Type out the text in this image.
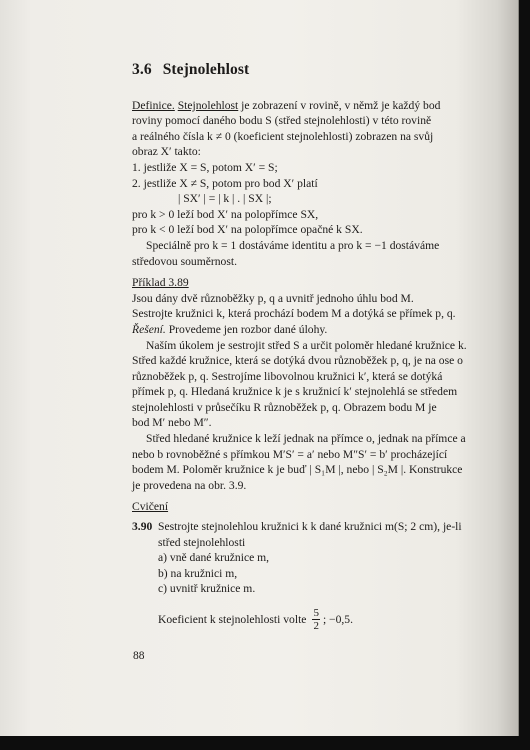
3.6 Stejnolehlost

Definice. Stejnolehlost je zobrazení v rovině, v němž je každý bod

roviny pomocí daného bodu S (střed stejnolehlosti) v této rovině

a reálného čísla k ≠ 0 (koeficient stejnolehlosti) zobrazen na svůj

obraz X′ takto:

1. jestliže X = S, potom X′ = S;

2. jestliže X ≠ S, potom pro bod X′ platí

| SX′ | = | k | . | SX |;

pro k > 0 leží bod X′ na polopřímce SX,

pro k < 0 leží bod X′ na polopřímce opačné k SX.

Speciálně pro k = 1 dostáváme identitu a pro k = −1 dostáváme

středovou souměrnost.

Příklad 3.89

Jsou dány dvě různoběžky p, q a uvnitř jednoho úhlu bod M.

Sestrojte kružnici k, která prochází bodem M a dotýká se přímek p, q.

Řešení. Provedeme jen rozbor dané úlohy.

Naším úkolem je sestrojit střed S a určit poloměr hledané kružnice k.

Střed každé kružnice, která se dotýká dvou různoběžek p, q, je na ose o

různoběžek p, q. Sestrojíme libovolnou kružnici k′, která se dotýká

přímek p, q. Hledaná kružnice k je s kružnicí k′ stejnolehlá se středem

stejnolehlosti v průsečíku R různoběžek p, q. Obrazem bodu M je

bod M′ nebo M″.

Střed hledané kružnice k leží jednak na přímce o, jednak na přímce a

nebo b rovnoběžné s přímkou M′S′ = a′ nebo M″S′ = b′ procházející

bodem M. Poloměr kružnice k je buď | S₁M |, nebo | S₂M |. Konstrukce

je provedena na obr. 3.9.

Cvičení

3.90 Sestrojte stejnolehlou kružnici k k dané kružnici m(S; 2 cm), je-li

střed stejnolehlosti

a) vně dané kružnice m,

b) na kružnici m,

c) uvnitř kružnice m.

Koeficient k stejnolehlosti volte $\frac{5}{2}$ ; −0,5.
88
